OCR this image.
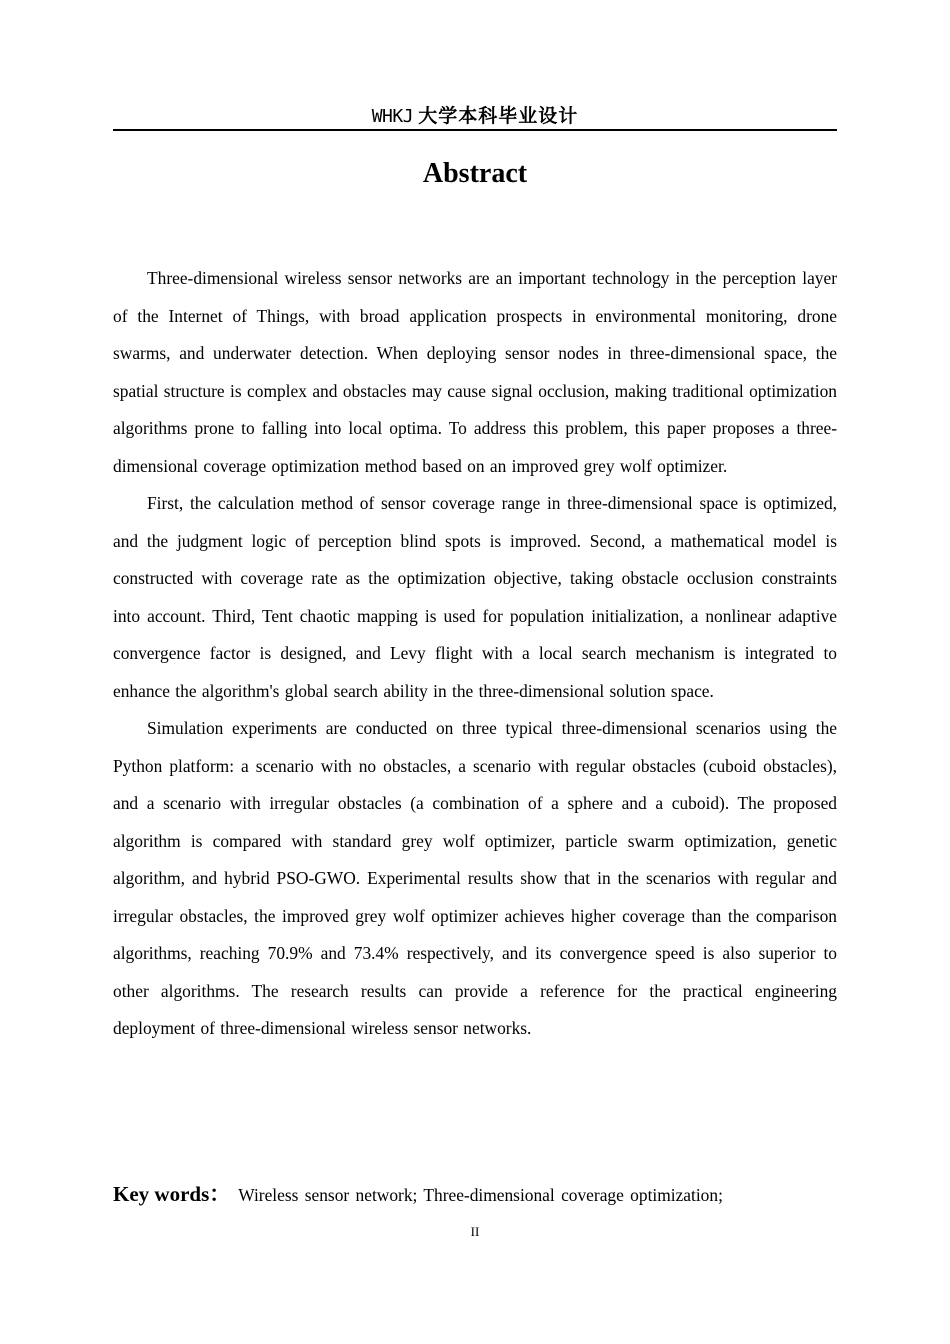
WHKJ 大学本科毕业设计
Abstract

Three-dimensional wireless sensor networks are an important technology in the perception layer of the Internet of Things, with broad application prospects in environmental monitoring, drone swarms, and underwater detection. When deploying sensor nodes in three-dimensional space, the spatial structure is complex and obstacles may cause signal occlusion, making traditional optimization algorithms prone to falling into local optima. To address this problem, this paper proposes a three-dimensional coverage optimization method based on an improved grey wolf optimizer.

First, the calculation method of sensor coverage range in three-dimensional space is optimized, and the judgment logic of perception blind spots is improved. Second, a mathematical model is constructed with coverage rate as the optimization objective, taking obstacle occlusion constraints into account. Third, Tent chaotic mapping is used for population initialization, a nonlinear adaptive convergence factor is designed, and Levy flight with a local search mechanism is integrated to enhance the algorithm's global search ability in the three-dimensional solution space.

Simulation experiments are conducted on three typical three-dimensional scenarios using the Python platform: a scenario with no obstacles, a scenario with regular obstacles (cuboid obstacles), and a scenario with irregular obstacles (a combination of a sphere and a cuboid). The proposed algorithm is compared with standard grey wolf optimizer, particle swarm optimization, genetic algorithm, and hybrid PSO-GWO. Experimental results show that in the scenarios with regular and irregular obstacles, the improved grey wolf optimizer achieves higher coverage than the comparison algorithms, reaching 70.9% and 73.4% respectively, and its convergence speed is also superior to other algorithms. The research results can provide a reference for the practical engineering deployment of three-dimensional wireless sensor networks.

Key words： Wireless sensor network; Three-dimensional coverage optimization;
II
